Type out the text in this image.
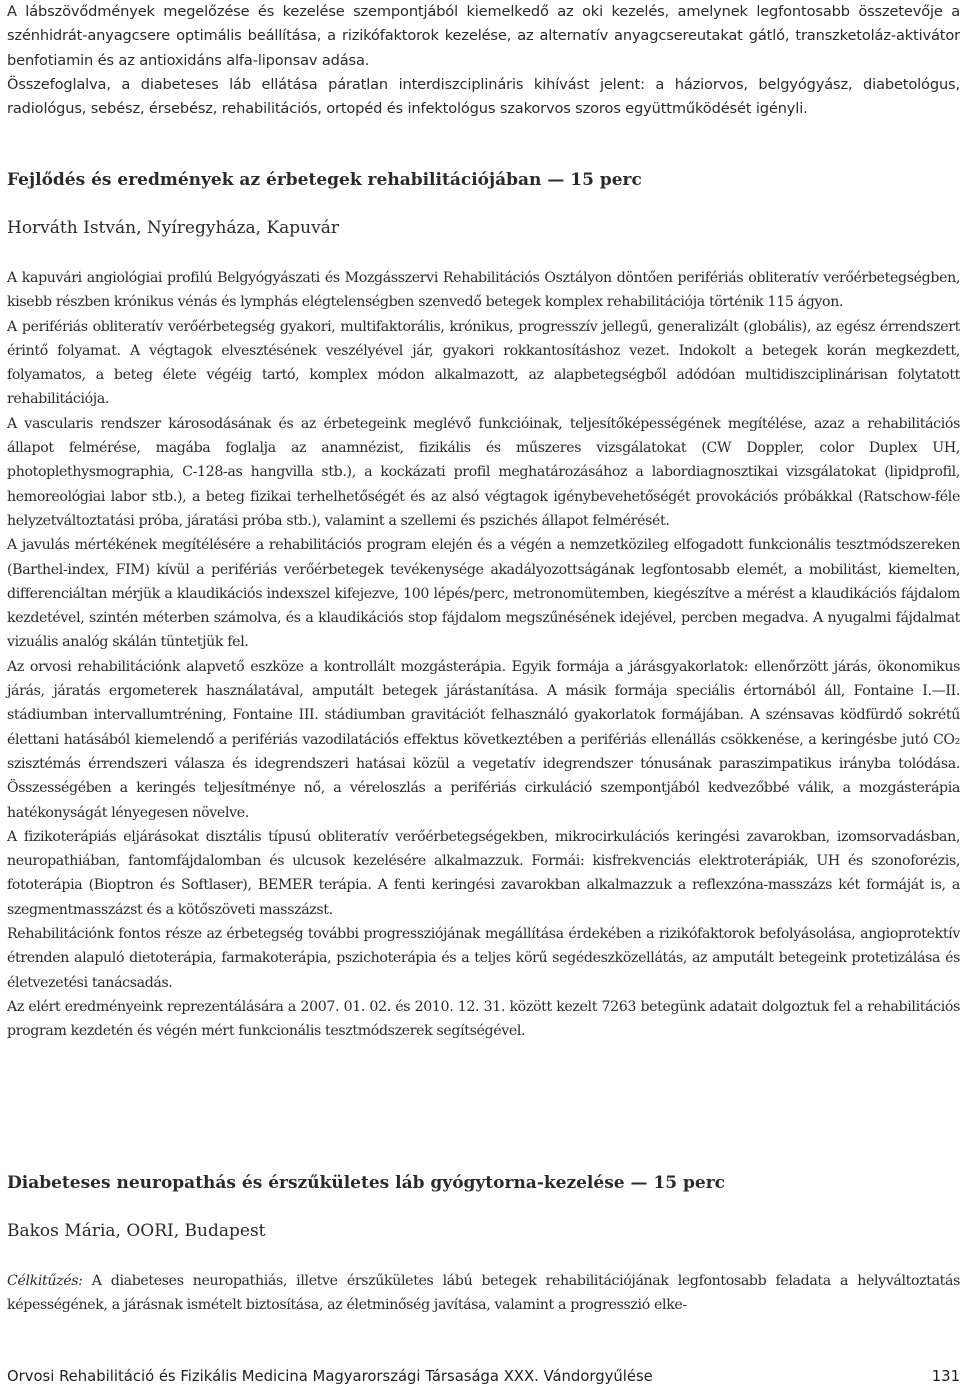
A lábszövődmények megelőzése és kezelése szempontjából kiemelkedő az oki kezelés, amelynek legfontosabb összetevője a szénhidrát-anyagcsere optimális beállítása, a rizikófaktorok kezelése, az alternatív anyagcsereutakat gátló, transzketoláz-aktivátor benfotiamin és az antioxidáns alfa-liponsav adása.

Összefoglalva, a diabeteses láb ellátása páratlan interdiszciplináris kihívást jelent: a háziorvos, belgyógyász, diabetológus, radiológus, sebész, érsebész, rehabilitációs, ortopéd és infektológus szakorvos szoros együttműködését igényli.

Fejlődés és eredmények az érbetegek rehabilitációjában — 15 perc
Horváth István, Nyíregyháza, Kapuvár

A kapuvári angiológiai profilú Belgyógyászati és Mozgásszervi Rehabilitációs Osztályon döntően perifériás obliteratív verőérbetegségben, kisebb részben krónikus vénás és lymphás elégtelenségben szenvedő betegek komplex rehabilitációja történik 115 ágyon.

A perifériás obliteratív verőérbetegség gyakori, multifaktorális, krónikus, progresszív jellegű, generalizált (globális), az egész érrendszert érintő folyamat. A végtagok elvesztésének veszélyével jár, gyakori rokkantosításhoz vezet. Indokolt a betegek korán megkezdett, folyamatos, a beteg élete végéig tartó, komplex módon alkalmazott, az alapbetegségből adódóan multidiszciplinárisan folytatott rehabilitációja.

A vascularis rendszer károsodásának és az érbetegeink meglévő funkcióinak, teljesítőképességének megítélése, azaz a rehabilitációs állapot felmérése, magába foglalja az anamnézist, fizikális és műszeres vizsgálatokat (CW Doppler, color Duplex UH, photoplethysmographia, C-128-as hangvilla stb.), a kockázati profil meghatározásához a labordiagnosztikai vizsgálatokat (lipidprofil, hemoreológiai labor stb.), a beteg fizikai terhelhetőségét és az alsó végtagok igénybevehetőségét provokációs próbákkal (Ratschow-féle helyzetváltoztatási próba, járatási próba stb.), valamint a szellemi és pszichés állapot felmérését.

A javulás mértékének megítélésére a rehabilitációs program elején és a végén a nemzetközileg elfogadott funkcionális tesztmódszereken (Barthel-index, FIM) kívül a perifériás verőérbetegek tevékenysége akadályozottságának legfontosabb elemét, a mobilitást, kiemelten, differenciáltan mérjük a klaudikációs indexszel kifejezve, 100 lépés/perc, metronomütemben, kiegészítve a mérést a klaudikációs fájdalom kezdetével, szintén méterben számolva, és a klaudikációs stop fájdalom megszűnésének idejével, percben megadva. A nyugalmi fájdalmat vizuális analóg skálán tüntetjük fel.

Az orvosi rehabilitációnk alapvető eszköze a kontrollált mozgásterápia. Egyik formája a járásgyakorlatok: ellenőrzött járás, ökonomikus járás, járatás ergometerek használatával, amputált betegek járástanítása. A másik formája speciális értornából áll, Fontaine I.—II. stádiumban intervallumtréning, Fontaine III. stádiumban gravitációt felhasználó gyakorlatok formájában. A szénsavas ködfürdő sokrétű élettani hatásából kiemelendő a perifériás vazodilatációs effektus következtében a perifériás ellenállás csökkenése, a keringésbe jutó CO₂ szisztémás érrendszeri válasza és idegrendszeri hatásai közül a vegetatív idegrendszer tónusának paraszimpatikus irányba tolódása. Összességében a keringés teljesítménye nő, a véreloszlás a perifériás cirkuláció szempontjából kedvezőbbé válik, a mozgásterápia hatékonyságát lényegesen növelve.

A fizikoterápiás eljárásokat disztális típusú obliteratív verőérbetegségekben, mikrocirkulációs keringési zavarokban, izomsorvadásban, neuropathiában, fantomfájdalomban és ulcusok kezelésére alkalmazzuk. Formái: kisfrekvenciás elektroterápiák, UH és szonoforézis, fototerápia (Bioptron és Softlaser), BEMER terápia. A fenti keringési zavarokban alkalmazzuk a reflexzóna-masszázs két formáját is, a szegmentmasszázst és a kötőszöveti masszázst.

Rehabilitációnk fontos része az érbetegség további progressziójának megállítása érdekében a rizikófaktorok befolyásolása, angioprotektív étrenden alapuló dietoterápia, farmakoterápia, pszichoterápia és a teljes körű segédeszközellátás, az amputált betegeink protetizálása és életvezetési tanácsadás.

Az elért eredményeink reprezentálására a 2007. 01. 02. és 2010. 12. 31. között kezelt 7263 betegünk adatait dolgoztuk fel a rehabilitációs program kezdetén és végén mért funkcionális tesztmódszerek segítségével.

Diabeteses neuropathás és érszűkületes láb gyógytorna-kezelése — 15 perc
Bakos Mária, OORI, Budapest

Célkitűzés: A diabeteses neuropathiás, illetve érszűkületes lábú betegek rehabilitációjának legfontosabb feladata a helyváltoztatás képességének, a járásnak ismételt biztosítása, az életminőség javítása, valamint a progresszió elke-

Orvosi Rehabilitáció és Fizikális Medicina Magyarországi Társasága XXX. Vándorgyűlése	131
